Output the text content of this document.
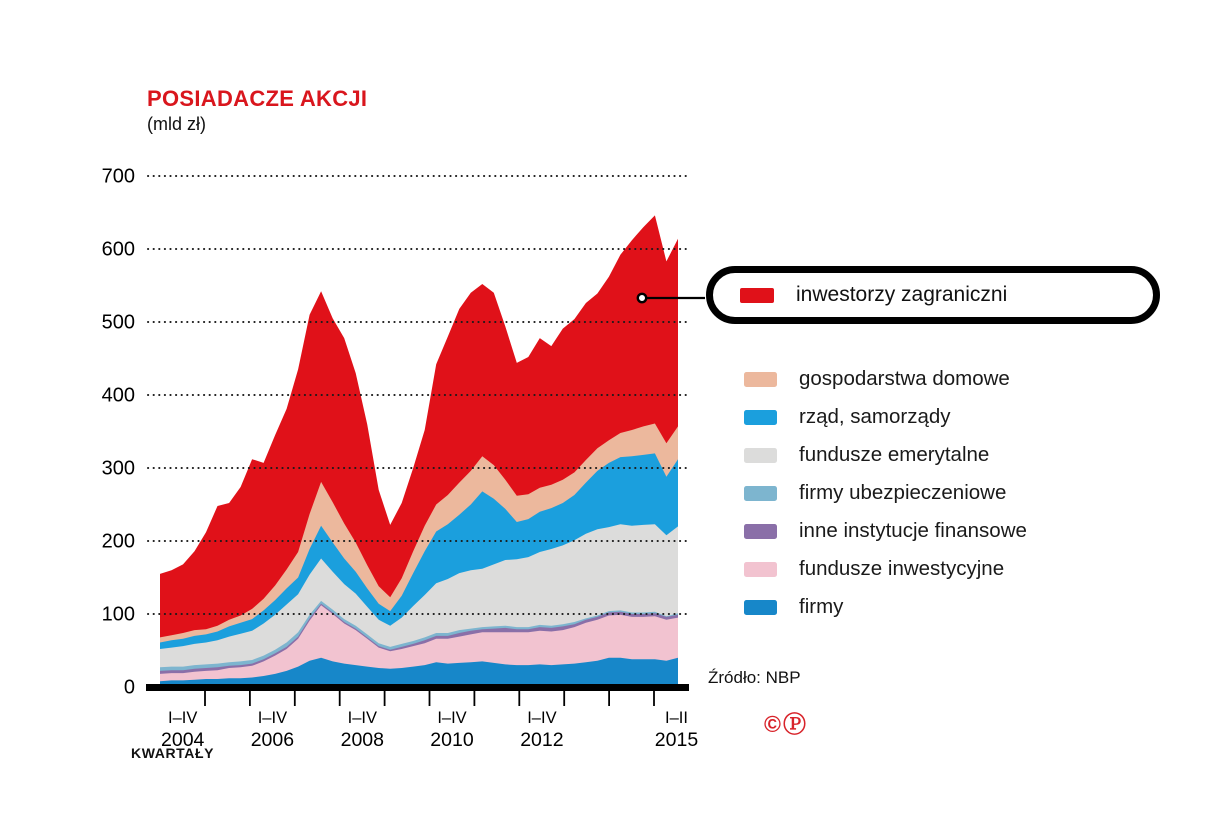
POSIADACZE AKCJI
(mld zł)
0
100
200
300
400
500
600
700
I–IV
2004
I–IV
2006
I–IV
2008
I–IV
2010
I–IV
2012
I–II
2015
KWARTAŁY
inwestorzy zagraniczni
gospodarstwa domowe
rząd, samorządy
fundusze emerytalne
firmy ubezpieczeniowe
inne instytucje finansowe
fundusze inwestycyjne
firmy
Źródło: NBP
©Ⓟ
